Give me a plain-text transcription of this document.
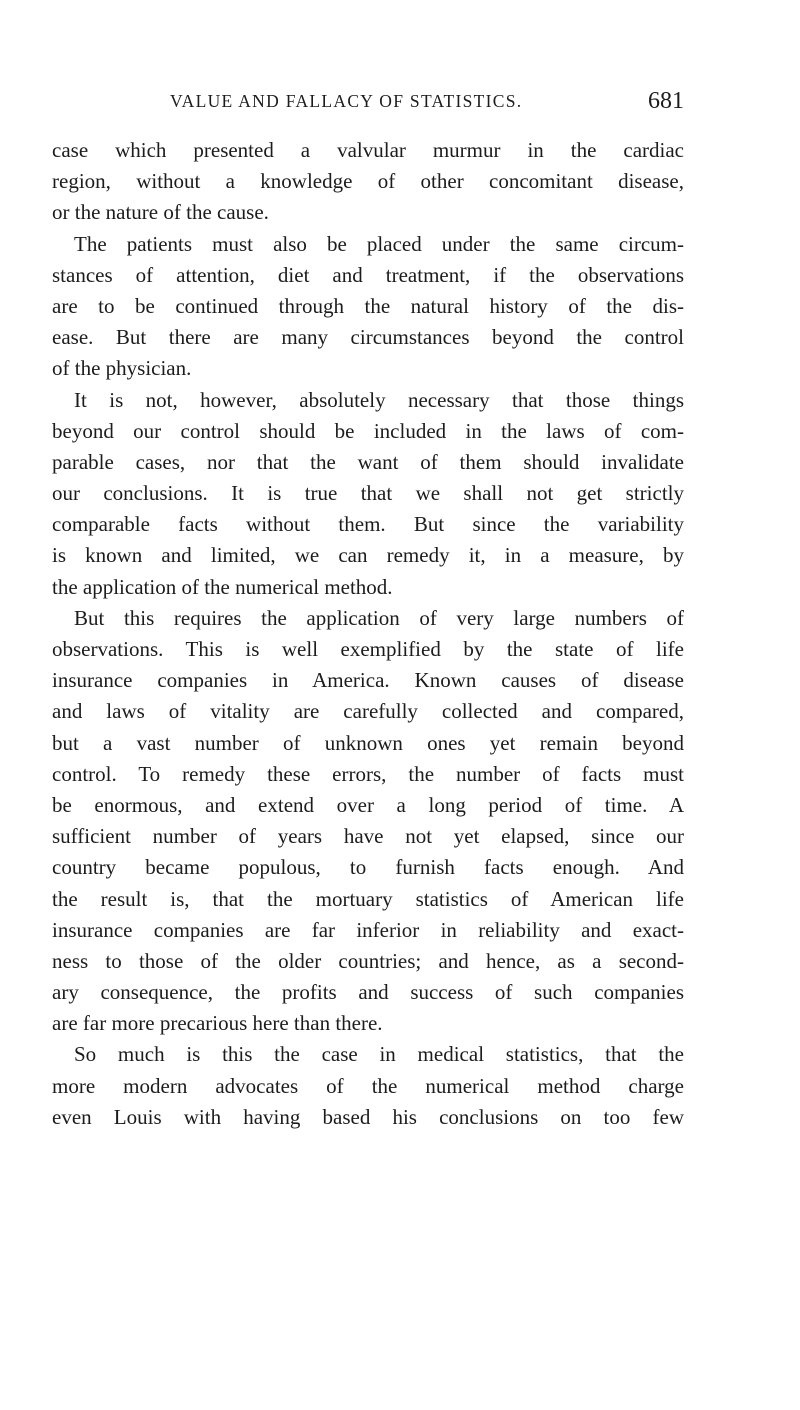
VALUE AND FALLACY OF STATISTICS.	681
case which presented a valvular murmur in the cardiac
region, without a knowledge of other concomitant disease,
or the nature of the cause.
The patients must also be placed under the same circum-
stances of attention, diet and treatment, if the observations
are to be continued through the natural history of the dis-
ease. But there are many circumstances beyond the control
of the physician.
It is not, however, absolutely necessary that those things
beyond our control should be included in the laws of com-
parable cases, nor that the want of them should invalidate
our conclusions. It is true that we shall not get strictly
comparable facts without them. But since the variability
is known and limited, we can remedy it, in a measure, by
the application of the numerical method.
But this requires the application of very large numbers of
observations. This is well exemplified by the state of life
insurance companies in America. Known causes of disease
and laws of vitality are carefully collected and compared,
but a vast number of unknown ones yet remain beyond
control. To remedy these errors, the number of facts must
be enormous, and extend over a long period of time. A
sufficient number of years have not yet elapsed, since our
country became populous, to furnish facts enough. And
the result is, that the mortuary statistics of American life
insurance companies are far inferior in reliability and exact-
ness to those of the older countries; and hence, as a second-
ary consequence, the profits and success of such companies
are far more precarious here than there.
So much is this the case in medical statistics, that the
more modern advocates of the numerical method charge
even Louis with having based his conclusions on too few
